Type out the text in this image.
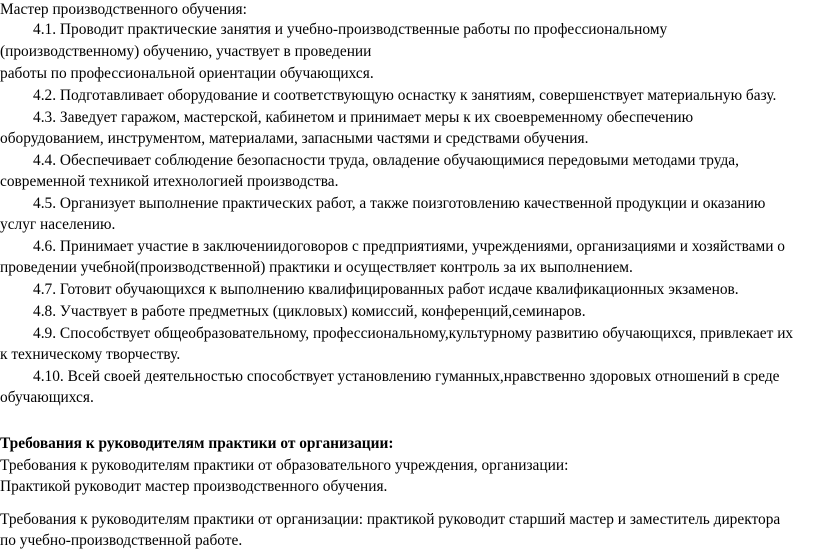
Мастер производственного обучения:
4.1. Проводит практические занятия и учебно-производственные работы по профессиональному
(производственному) обучению, участвует в проведении
работы по профессиональной ориентации обучающихся.
4.2. Подготавливает оборудование и соответствующую оснастку к занятиям, совершенствует материальную базу.
4.3. Заведует гаражом, мастерской, кабинетом и принимает меры к их своевременному обеспечению
оборудованием, инструментом, материалами, запасными частями и средствами обучения.
4.4. Обеспечивает соблюдение безопасности труда, овладение обучающимися передовыми методами труда,
современной техникой итехнологией производства.
4.5. Организует выполнение практических работ, а также поизготовлению качественной продукции и оказанию
услуг населению.
4.6. Принимает участие в заключениидоговоров с предприятиями, учреждениями, организациями и хозяйствами о
проведении учебной(производственной) практики и осуществляет контроль за их выполнением.
4.7. Готовит обучающихся к выполнению квалифицированных работ исдаче квалификационных экзаменов.
4.8. Участвует в работе предметных (цикловых) комиссий, конференций,семинаров.
4.9. Способствует общеобразовательному, профессиональному,культурному развитию обучающихся, привлекает их
к техническому творчеству.
4.10. Всей своей деятельностью способствует установлению гуманных,нравственно здоровых отношений в среде
обучающихся.
Требования к руководителям практики от организации:
Требования к руководителям практики от образовательного учреждения, организации:
Практикой руководит мастер производственного обучения.
Требования к руководителям практики от организации: практикой руководит старший мастер и заместитель директора
по учебно-производственной работе.
